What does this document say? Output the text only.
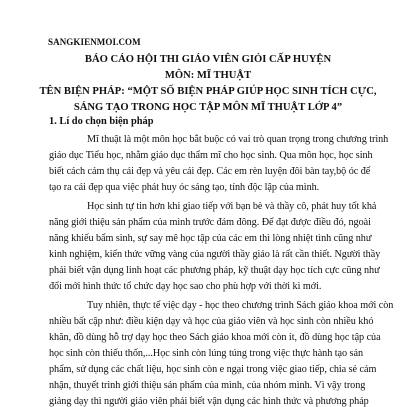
SANGKIENMOI.COM
BÁO CÁO HỘI THI GIÁO VIÊN GIỎI CẤP HUYỆN
MÔN: MĨ THUẬT
TÊN BIỆN PHÁP: “MỘT SỐ BIỆN PHÁP GIÚP HỌC SINH TÍCH CỰC,
SÁNG TẠO TRONG HỌC TẬP MÔN MĨ THUẬT LỚP 4”
1. Lí do chọn biện pháp
Mĩ thuật là một môn học bắt buộc có vai trò quan trọng trong chương trình
giáo dục Tiểu học, nhằm giáo dục thẩm mĩ cho học sinh. Qua môn học, học sinh
biết cách cảm thụ cái đẹp và yêu cái đẹp. Các em rèn luyện đôi bàn tay,bộ óc để
tạo ra cái đẹp qua việc phát huy óc sáng tạo, tính độc lập của mình.
Học sinh tự tin hơn khi giao tiếp với bạn bè và thầy cô, phát huy tốt khả
năng giới thiệu sản phẩm của mình trước đám đông. Để đạt được điều đó, ngoài
năng khiếu bẩm sinh, sự say mê học tập của các em thì lòng nhiệt tình cũng như
kinh nghiệm, kiến thức vững vàng của người thầy giáo là rất cần thiết. Người thầy
phải biết vận dụng linh hoạt các phương pháp, kỹ thuật dạy học tích cực cũng như
đổi mới hình thức tổ chức dạy học sao cho phù hợp với thời kì mới.
Tuy nhiên, thực tế việc dạy - học theo chương trình Sách giáo khoa mới còn
nhiều bất cập như: điều kiện dạy và học của giáo viên và học sinh còn nhiều khó
khăn, đồ dùng hỗ trợ dạy học theo Sách giáo khoa mới còn ít, đồ dùng học tập của
học sinh còn thiếu thốn,...Học sinh còn lúng túng trong việc thực hành tạo sản
phẩm, sử dụng các chất liệu, học sinh còn e ngại trong việc giao tiếp, chia sẻ cảm
nhận, thuyết trình giới thiệu sản phẩm của mình, của nhóm mình. Vì vậy trong
giảng dạy thì người giáo viên phải biết vận dụng các hình thức và phương pháp
